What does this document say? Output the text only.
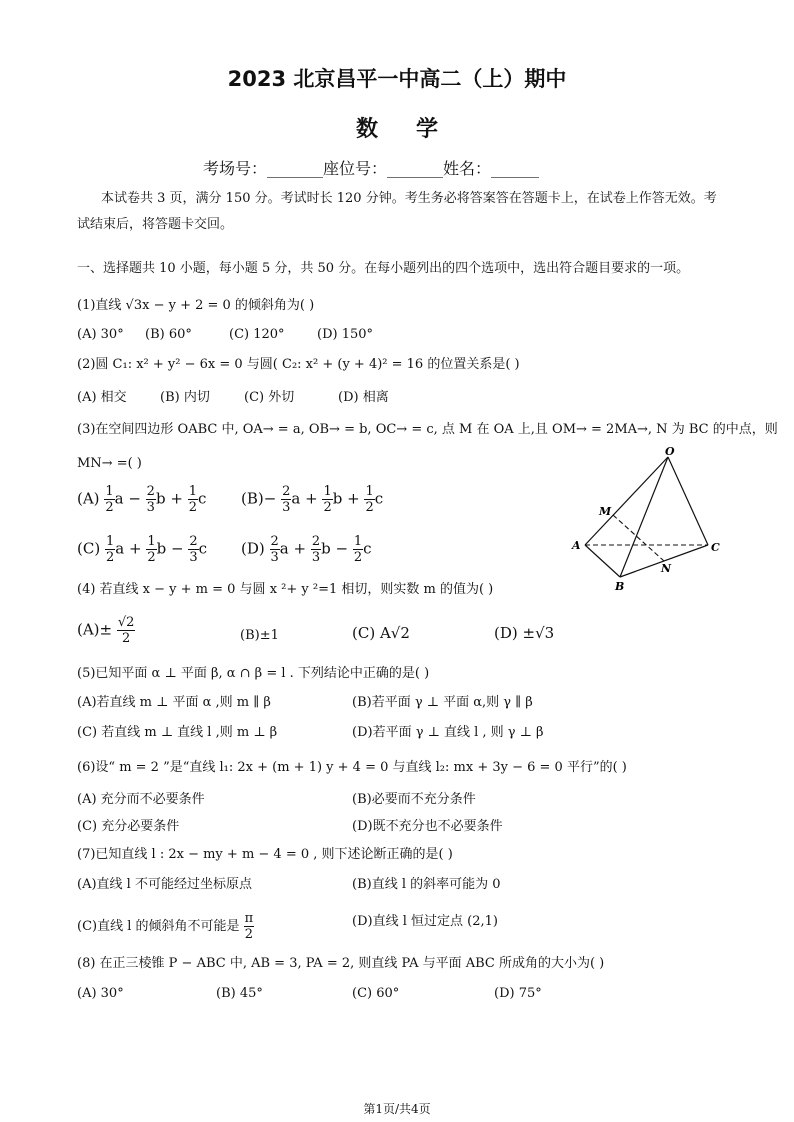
2023 北京昌平一中高二（上）期中
数学
考场号：_______座位号：_______姓名：______
本试卷共 3 页，满分 150 分。考试时长 120 分钟。考生务必将答案答在答题卡上，在试卷上作答无效。考试结束后，将答题卡交回。
一、选择题共 10 小题，每小题 5 分，共 50 分。在每小题列出的四个选项中，选出符合题目要求的一项。
(1)直线 √3x − y + 2 = 0 的倾斜角为( )
(A) 30° (B) 60°	(C) 120° (D) 150°
(2)圆 C₁: x² + y² − 6x = 0 与圆( C₂: x² + (y + 4)² = 16 的位置关系是( )
(A) 相交	(B) 内切	(C) 外切	(D) 相离
(3)在空间四边形 OABC 中, OA→ = a, OB→ = b, OC→ = c, 点 M 在 OA 上,且 OM→ = 2MA→, N 为 BC 的中点，则
MN→ =( )
$(A) \frac{1}{2}$ $a - \frac{2}{3}$ $b + \frac{1}{2}$ c $(B)- \frac{2}{3}$ $a + \frac{1}{2}$ $b + \frac{1}{2}$ c
$(C) \frac{1}{2}$ $a + \frac{1}{2}$ $b - \frac{2}{3}$ c $(D) \frac{2}{3}$ $a + \frac{2}{3}$ $b - \frac{1}{2}$ c
O
M
A
B
N
C
(4) 若直线 x − y + m = 0 与圆 x ²+ y ²=1 相切，则实数 m 的值为( )
$(A)\pm \frac{√2}{2}$	(B)±1	(C) A√2	(D) ±√3
(5)已知平面 α ⊥ 平面 β, α ∩ β = l . 下列结论中正确的是( )
(A)若直线 m ⊥ 平面 α ,则 m ∥ β	(B)若平面 γ ⊥ 平面 α,则 γ ∥ β
(C) 若直线 m ⊥ 直线 l ,则 m ⊥ β	(D)若平面 γ ⊥ 直线 l , 则 γ ⊥ β
(6)设“ m = 2 ”是“直线 l₁: 2x + (m + 1) y + 4 = 0 与直线 l₂: mx + 3y − 6 = 0 平行”的( )
(A) 充分而不必要条件	(B)必要而不充分条件
(C) 充分必要条件	(D)既不充分也不必要条件
(7)已知直线 l : 2x − my + m − 4 = 0 , 则下述论断正确的是( )
(A)直线 l 不可能经过坐标原点	(B)直线 l 的斜率可能为 0
(C)直线 l 的倾斜角不可能是 $\frac{\pi}{2}$	(D)直线 l 恒过定点 (2,1)
(8) 在正三棱锥 P − ABC 中, AB = 3, PA = 2, 则直线 PA 与平面 ABC 所成角的大小为( )
(A) 30°	(B) 45°	(C) 60°	(D) 75°
第1页/共4页
